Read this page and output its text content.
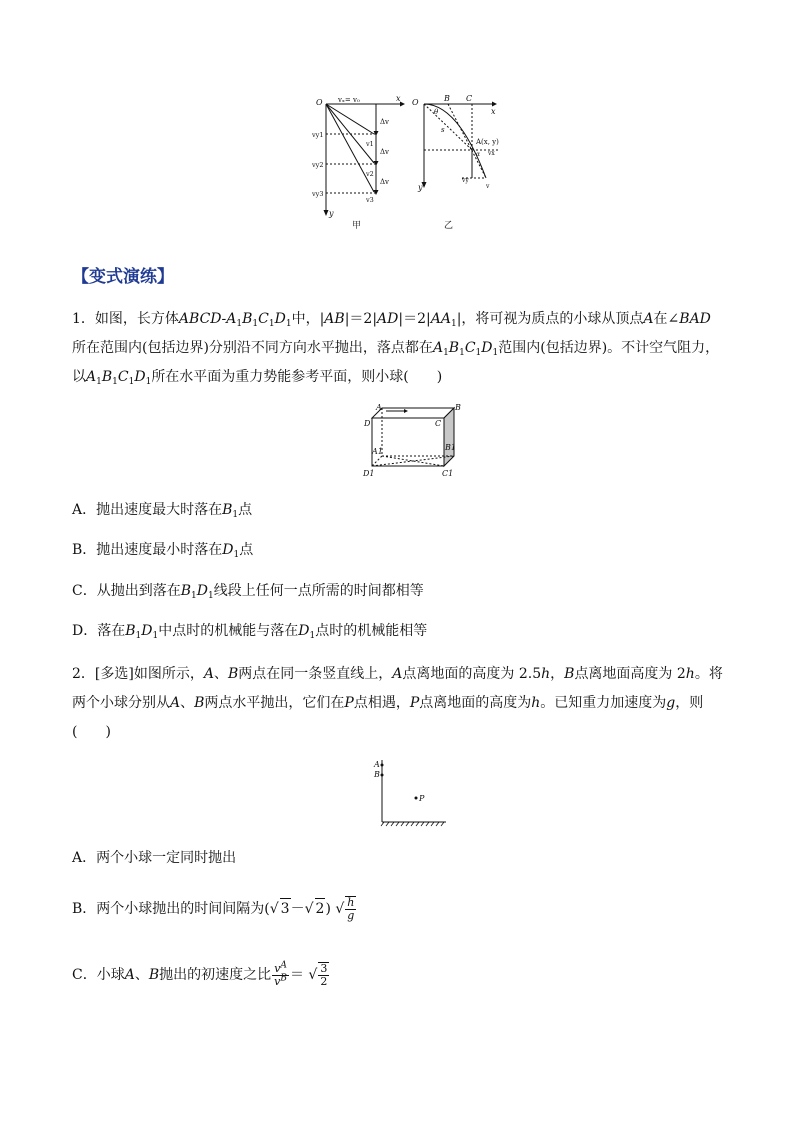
O vₓ= v₀	x
y
vy1
vy2
vy3
v1
v2
v3
Δv
Δv
Δv
甲
O
x
B C
y
θ
s
A(x, y)
α vx
vy
v
乙
【变式演练】
1．如图，长方体ABCD-$A_1B_1C_1D_1$中，$|AB|=2|AD|=2|AA_1|$，将可视为质点的小球从顶点A在∠BAD所在范围内(包括边界)分别沿不同方向水平抛出，落点都在$A_1B_1C_1D_1$范围内(包括边界)。不计空气阻力，以$A_1B_1C_1D_1$所在水平面为重力势能参考平面，则小球(　　)
A	B
C
D
A1	B1
C1
D1
A．抛出速度最大时落在$B_1$点
B．抛出速度最小时落在$D_1$点
C．从抛出到落在$B_1D_1$线段上任何一点所需的时间都相等
D．落在$B_1D_1$中点时的机械能与落在$D_1$点时的机械能相等
2．[多选]如图所示，A、B两点在同一条竖直线上，A点离地面的高度为 2.5h，B点离地面高度为 2h。将两个小球分别从A、B两点水平抛出，它们在P点相遇，P点离地面的高度为h。已知重力加速度为g，则
(　　)
A
B
P
A．两个小球一定同时抛出
B．两个小球抛出的时间间隔为(√ 3－√ 2) √ $\frac{h}{g}$
C．小球A、B抛出的初速度之比 $\frac{v^A}{v^B}$ ＝ √ $\frac{3}{2}$
